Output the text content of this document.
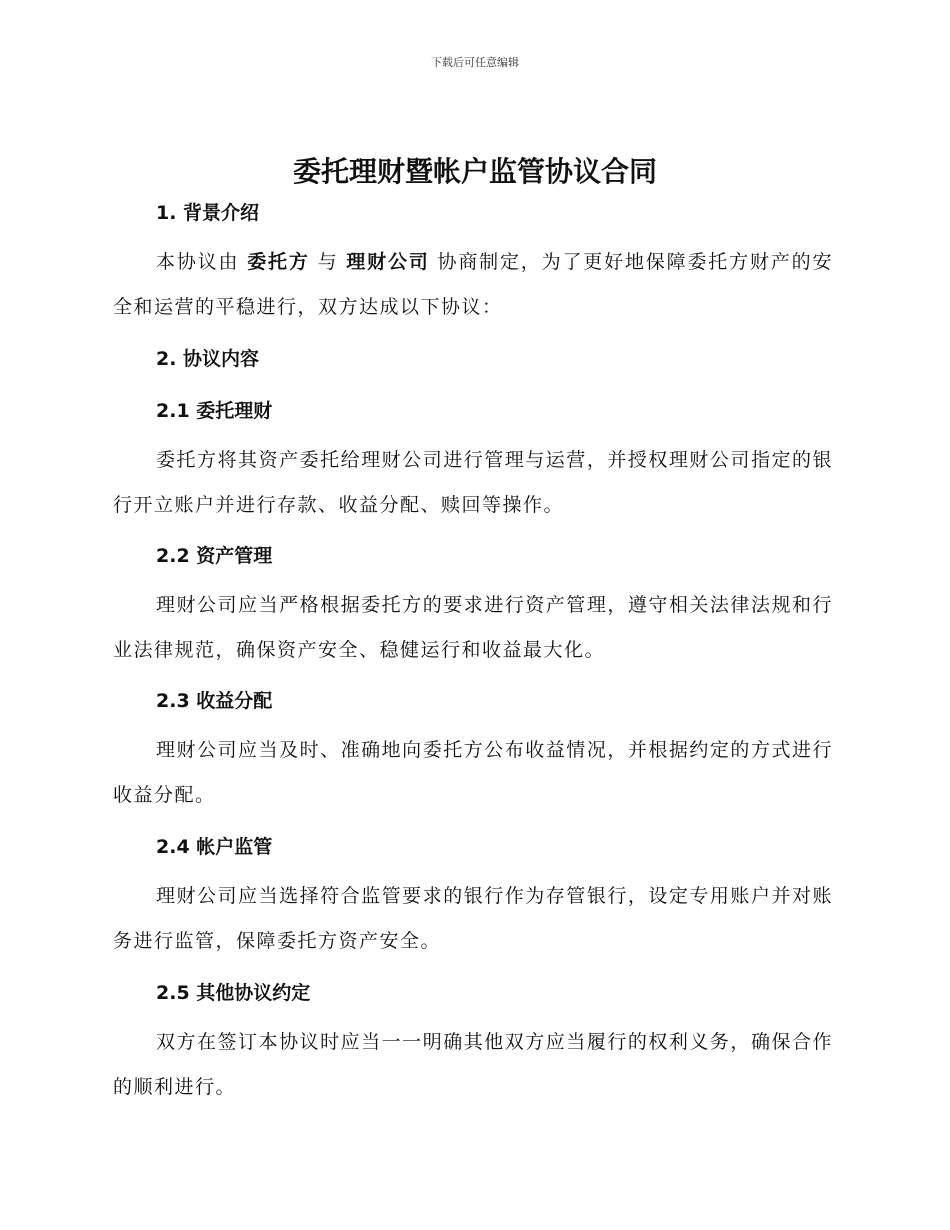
下载后可任意编辑
委托理财暨帐户监管协议合同
1. 背景介绍
本协议由 委托方 与 理财公司 协商制定，为了更好地保障委托方财产的安全和运营的平稳进行，双方达成以下协议：
2. 协议内容
2.1 委托理财
委托方将其资产委托给理财公司进行管理与运营，并授权理财公司指定的银行开立账户并进行存款、收益分配、赎回等操作。
2.2 资产管理
理财公司应当严格根据委托方的要求进行资产管理，遵守相关法律法规和行业法律规范，确保资产安全、稳健运行和收益最大化。
2.3 收益分配
理财公司应当及时、准确地向委托方公布收益情况，并根据约定的方式进行收益分配。
2.4 帐户监管
理财公司应当选择符合监管要求的银行作为存管银行，设定专用账户并对账务进行监管，保障委托方资产安全。
2.5 其他协议约定
双方在签订本协议时应当一一明确其他双方应当履行的权利义务，确保合作的顺利进行。
